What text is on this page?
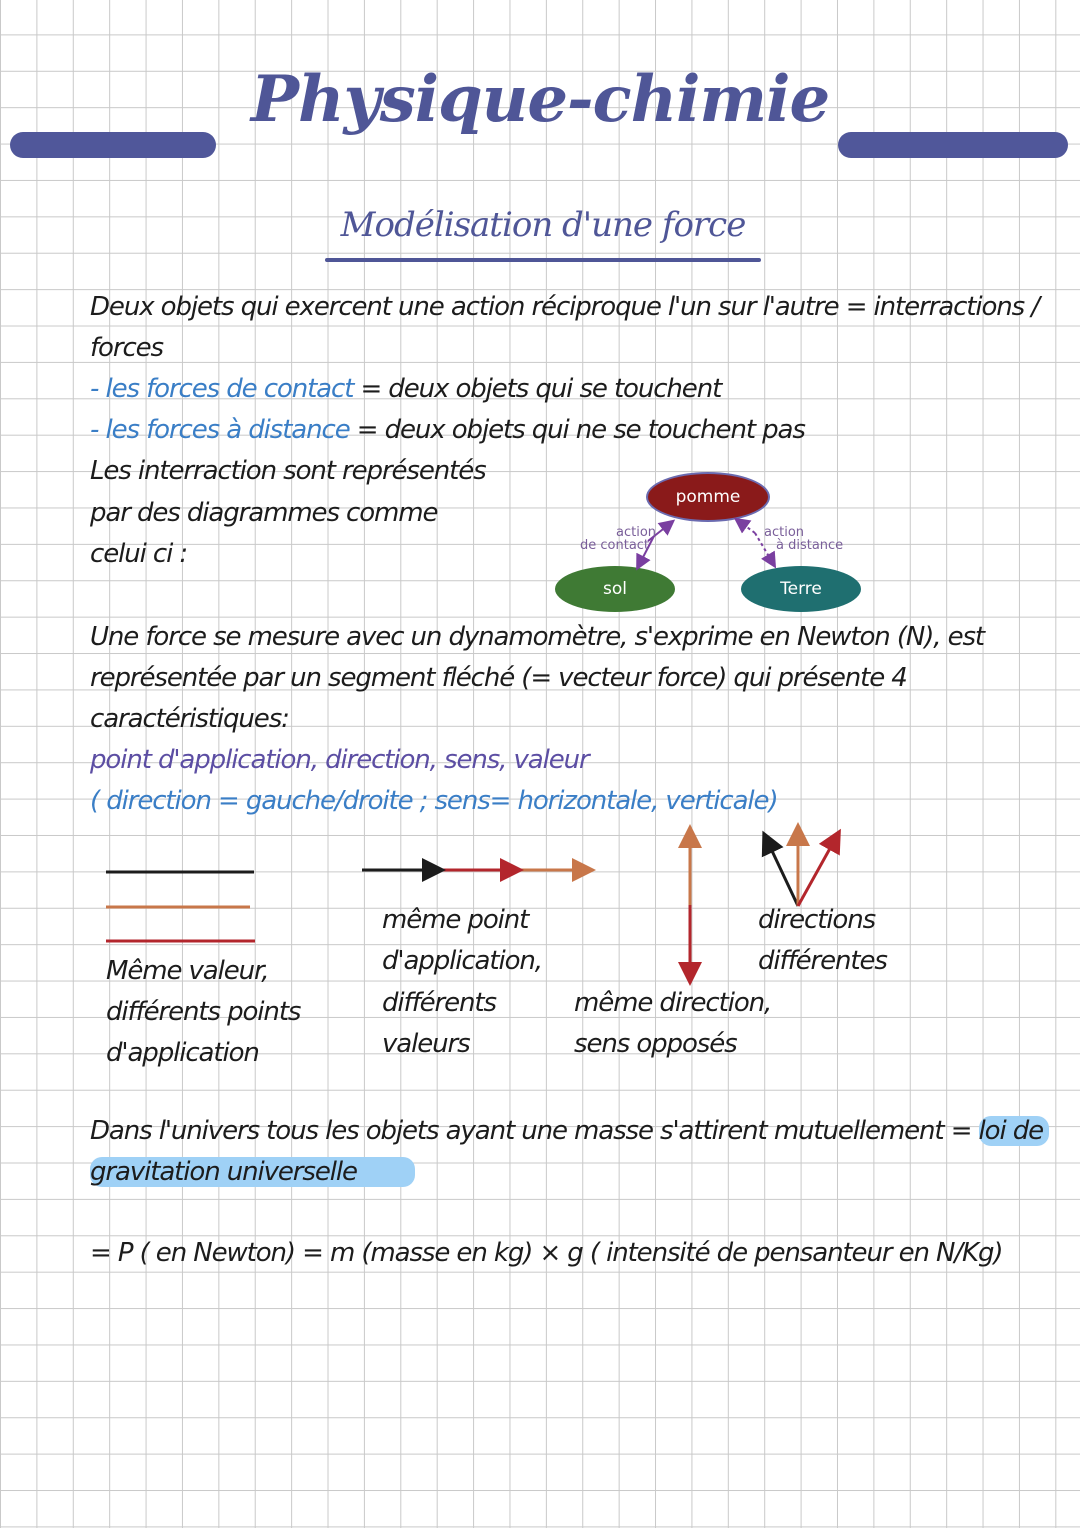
Physique-chimie
Modélisation d'une force
Deux objets qui exercent une action réciproque l'un sur l'autre = interractions /
forces
- les forces de contact = deux objets qui se touchent
- les forces à distance = deux objets qui ne se touchent pas
Les interraction sont représentés
par des diagrammes comme
celui ci :
pomme
sol	Terre
action
de contact
action
à distance
Une force se mesure avec un dynamomètre, s'exprime en Newton (N), est
représentée par un segment fléché (= vecteur force) qui présente 4
caractéristiques:
point d'application, direction, sens, valeur
( direction = gauche/droite ; sens= horizontale, verticale)
Même valeur,
différents points
d'application
même point
d'application,
différents
valeurs
même direction,
sens opposés
directions
différentes
Dans l'univers tous les objets ayant une masse s'attirent mutuellement = loi de
gravitation universelle
= P ( en Newton) = m (masse en kg) × g ( intensité de pensanteur en N/Kg)
